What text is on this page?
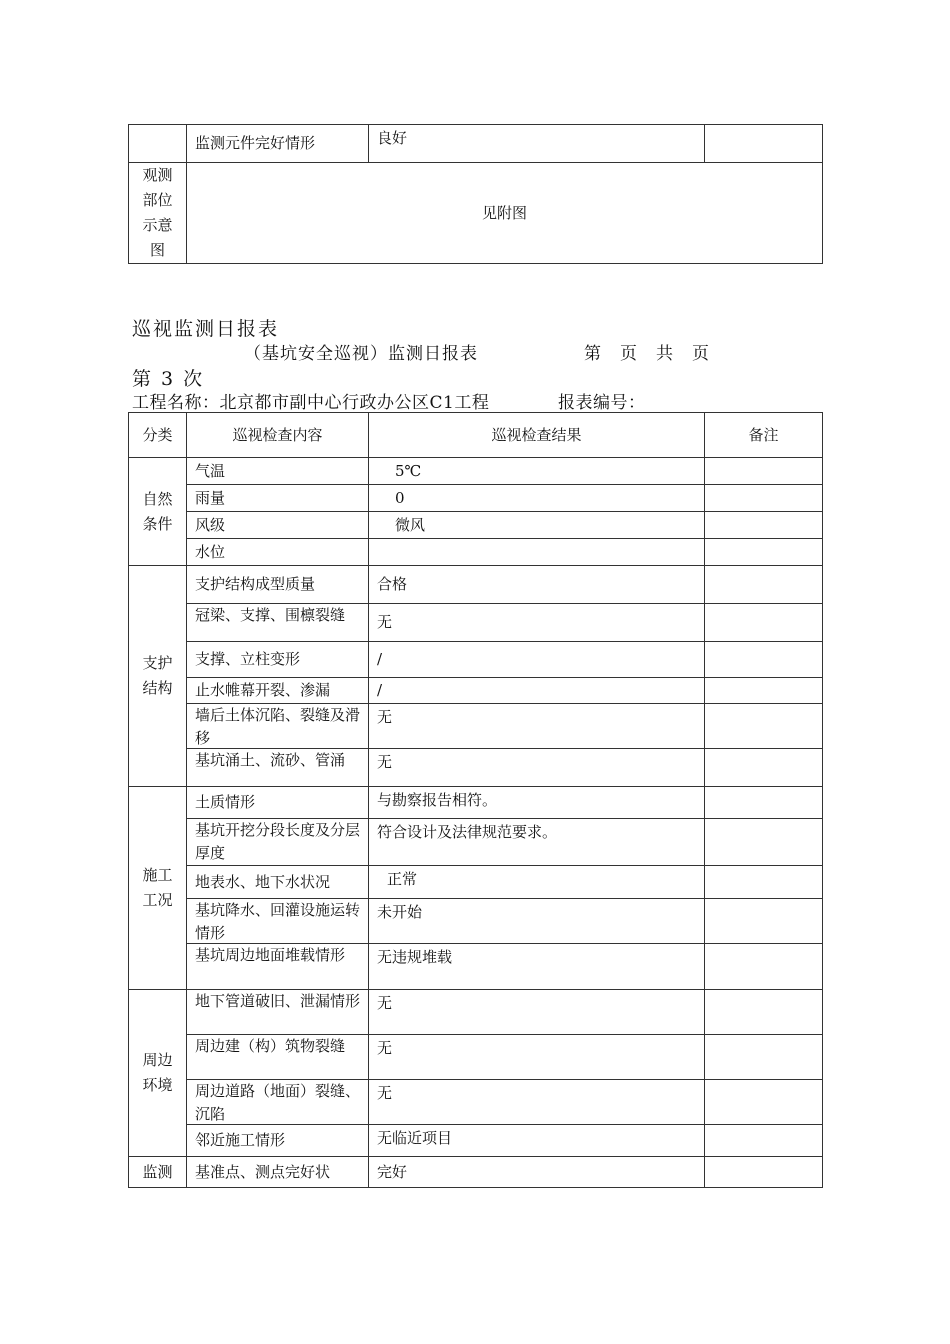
	监测元件完好情形	良好	
观测
部位
示意
图	见附图		
巡视监测日报表
（基坑安全巡视）监测日报表	第　页　共　页
第 3 次
工程名称：北京都市副中心行政办公区C1工程	报表编号：
分类	巡视检查内容	巡视检查结果	备注
自然
条件	气温	5℃	
	雨量	0	
	风级	微风	
	水位		
支护
结构	支护结构成型质量	合格	

	冠梁、支撑、围檩裂缝	无	
	支撑、立柱变形	/	
	止水帷幕开裂、渗漏	/	

	墙后土体沉陷、裂缝及滑移	无	

	基坑涌土、流砂、管涌	无	
施工
工况	土质情形	与勘察报告相符。	

	基坑开挖分段长度及分层厚度	符合设计及法律规范要求。	
	地表水、地下水状况	正常	

	基坑降水、回灌设施运转情形	未开始	

	基坑周边地面堆载情形	无违规堆载	
周边
环境	地下管道破旧、泄漏情形	无	

	周边建（构）筑物裂缝	无	

	周边道路（地面）裂缝、沉陷	无	
	邻近施工情形	无临近项目	
监测	基准点、测点完好状	完好	
